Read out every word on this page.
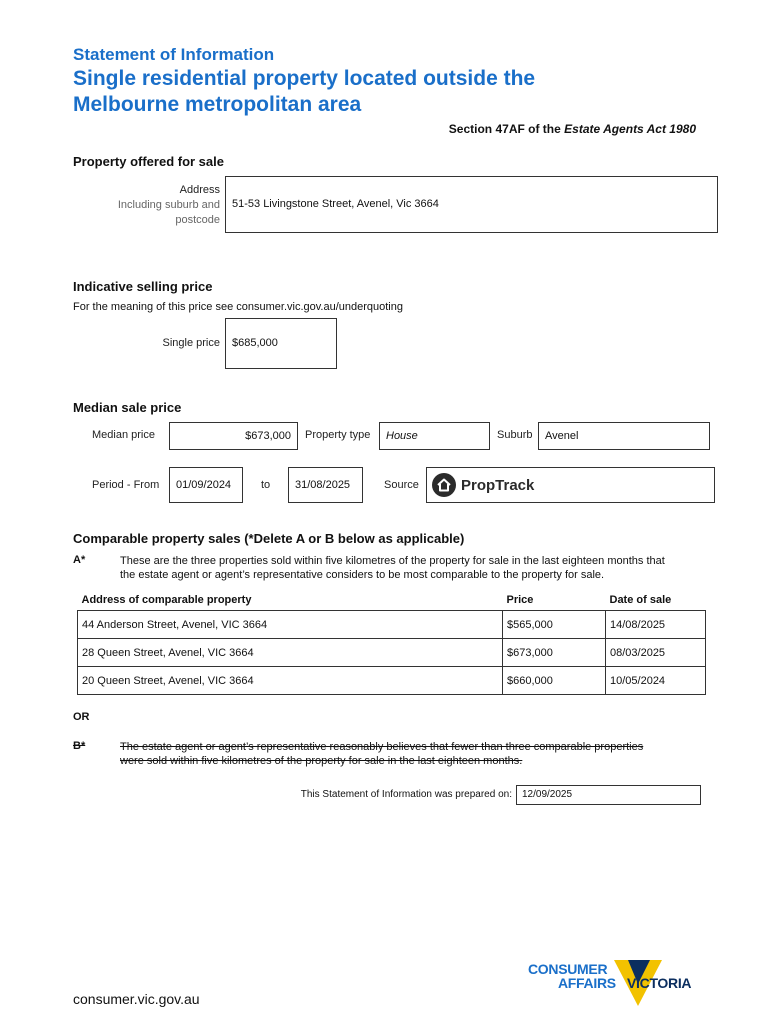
Statement of Information
Single residential property located outside the
Melbourne metropolitan area
Section 47AF of the Estate Agents Act 1980
Property offered for sale
Address
Including suburb and
postcode
51-53 Livingstone Street, Avenel, Vic 3664
Indicative selling price
For the meaning of this price see consumer.vic.gov.au/underquoting
Single price	$685,000
Median sale price
Median price	$673,000	Property type	House	Suburb	Avenel
Period - From	01/09/2024	to	31/08/2025	Source	PropTrack
Comparable property sales (*Delete A or B below as applicable)
A*	These are the three properties sold within five kilometres of the property for sale in the last eighteen months that
the estate agent or agent’s representative considers to be most comparable to the property for sale.
Address of comparable property	Price	Date of sale
44 Anderson Street, Avenel, VIC 3664	$565,000	14/08/2025
28 Queen Street, Avenel, VIC 3664	$673,000	08/03/2025
20 Queen Street, Avenel, VIC 3664	$660,000	10/05/2024
OR
B*	The estate agent or agent’s representative reasonably believes that fewer than three comparable properties
were sold within five kilometres of the property for sale in the last eighteen months.
This Statement of Information was prepared on:	12/09/2025
consumer.vic.gov.au
CONSUMER
AFFAIRS VICTORIA
